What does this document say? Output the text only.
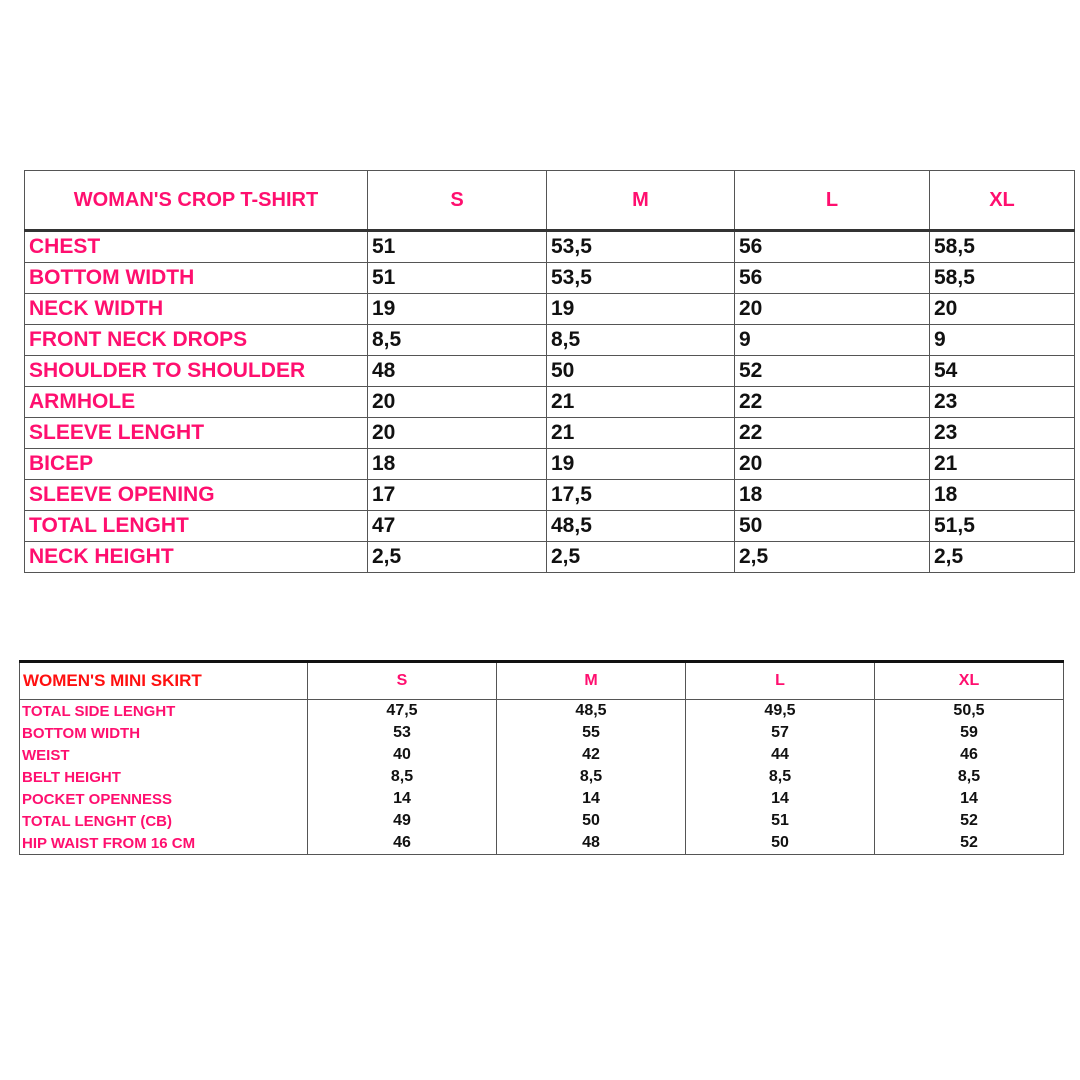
WOMAN'S CROP T-SHIRT	S	M	L	XL
CHEST	51	53,5	56	58,5
BOTTOM WIDTH	51	53,5	56	58,5
NECK WIDTH	19	19	20	20
FRONT NECK DROPS	8,5	8,5	9	9
SHOULDER TO SHOULDER	48	50	52	54
ARMHOLE	20	21	22	23
SLEEVE LENGHT	20	21	22	23
BICEP	18	19	20	21
SLEEVE OPENING	17	17,5	18	18
TOTAL LENGHT	47	48,5	50	51,5
NECK HEIGHT	2,5	2,5	2,5	2,5
WOMEN'S MINI SKIRT	S	M	L	XL
TOTAL SIDE LENGHT	47,5	48,5	49,5	50,5
BOTTOM WIDTH	53	55	57	59
WEIST	40	42	44	46
BELT HEIGHT	8,5	8,5	8,5	8,5
POCKET OPENNESS	14	14	14	14
TOTAL LENGHT (CB)	49	50	51	52
HIP WAIST FROM 16 CM	46	48	50	52
